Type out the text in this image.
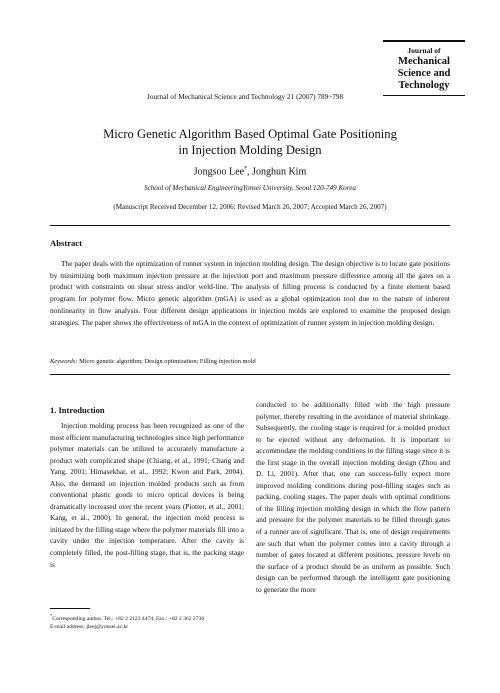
Journal of
Mechanical
Science and
Technology
Journal of Mechanical Science and Technology 21 (2007) 789~798
Micro Genetic Algorithm Based Optimal Gate Positioning
in Injection Molding Design
Jongsoo Lee*, Jonghun Kim
School of Mechanical EngineeringYonsei University, Seoul 120-749 Korea
(Manuscript Received December 12, 2006; Revised March 26, 2007; Accepted March 26, 2007)
Abstract
The paper deals with the optimization of runner system in injection molding design. The design objective is to locate gate positions by minimizing both maximum injection pressure at the injection port and maximum pressure difference among all the gates on a product with constraints on shear stress and/or weld-line. The analysis of filling process is conducted by a finite element based program for polymer flow. Micro genetic algorithm (mGA) is used as a global optimization tool due to the nature of inherent nonlinearity in flow analysis. Four different design applications in injection molds are explored to examine the proposed design strategies. The paper shows the effectiveness of mGA in the context of optimization of runner system in injection molding design.
Keywords: Micro genetic algorithm; Design optimization; Filling injection mold
1. Introduction
Injection molding process has been recognized as one of the most efficient manufacturing technologies since high performance polymer materials can be utilized to accurately manufacture a product with complicated shape (Chiang, et al., 1991; Chang and Yang, 2001; Himasekhar, et al., 1992; Kwon and Park, 2004). Also, the demand on injection molded products such as from conventional plastic goods to micro optical devices is being dramatically increased over the recent years (Piotter, et al., 2001; Kang, et al., 2000). In general, the injection mold process is initiated by the filling stage where the polymer materials fill into a cavity under the injection temperature. After the cavity is completely filled, the post-filling stage, that is, the packing stage is
conducted to be additionally filled with the high pressure polymer, thereby resulting in the avoidance of material shrinkage. Subsequently, the cooling stage is required for a molded product to be ejected without any deformation. It is important to accommodate the molding conditions in the filling stage since it is the first stage in the overall injection molding design (Zhou and D. Li, 2001). After that, one can success-fully expect more improved molding conditions during post-filling stages such as packing, cooling stages. The paper deals with optimal conditions of the filling injection molding design in which the flow pattern and pressure for the polymer materials to be filled through gates of a runner are of significant. That is, one of design requirements are such that when the polymer comes into a cavity through a number of gates located at different positions, pressure levels on the surface of a product should be as uniform as possible. Such design can be performed through the intelligent gate positioning to generate the more
*Corresponding author. Tel.: +82 2 2123 4474; Fax.: +82 2 362 2736
E-mail address: jleej@yonsei.ac.kr
